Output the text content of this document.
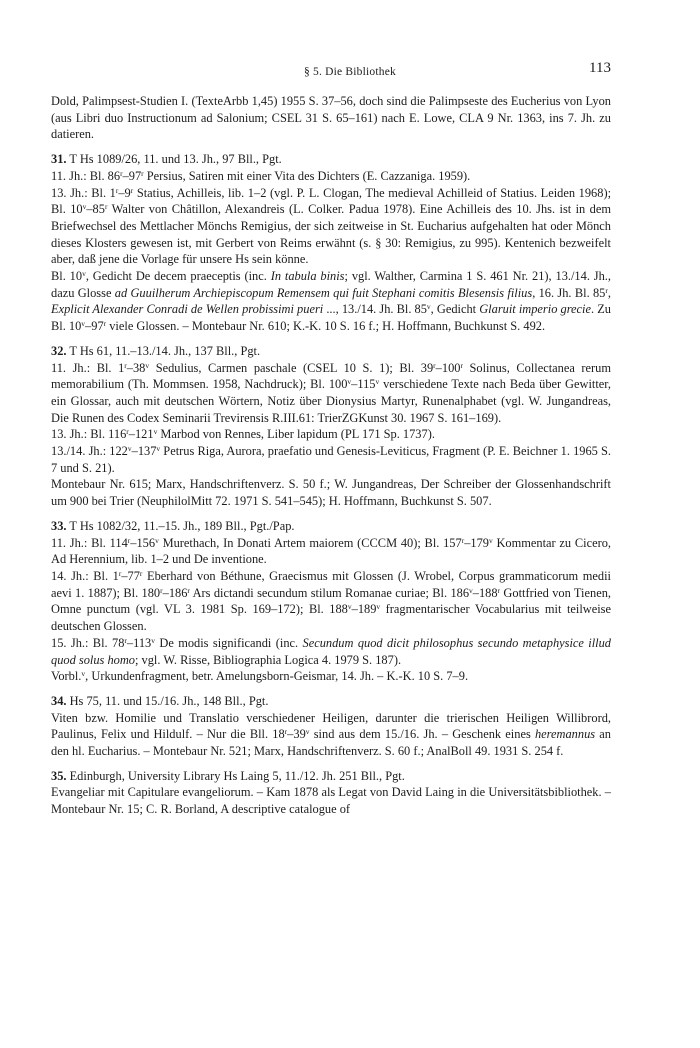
§ 5. Die Bibliothek	113

Dold, Palimpsest-Studien I. (TexteArbb 1,45) 1955 S. 37–56, doch sind die Palimpseste des Eucherius von Lyon (aus Libri duo Instructionum ad Salonium; CSEL 31 S. 65–161) nach E. Lowe, CLA 9 Nr. 1363, ins 7. Jh. zu datieren.

31. T Hs 1089/26, 11. und 13. Jh., 97 Bll., Pgt.

11. Jh.: Bl. 86$^r$–97$^r$ Persius, Satiren mit einer Vita des Dichters (E. Cazzaniga. 1959).

13. Jh.: Bl. 1$^r$–9$^r$ Statius, Achilleis, lib. 1–2 (vgl. P. L. Clogan, The medieval Achilleid of Statius. Leiden 1968); Bl. 10$^v$–85$^r$ Walter von Châtillon, Alexandreis (L. Colker. Padua 1978). Eine Achilleis des 10. Jhs. ist in dem Briefwechsel des Mettlacher Mönchs Remigius, der sich zeitweise in St. Eucharius aufgehalten hat oder Mönch dieses Klosters gewesen ist, mit Gerbert von Reims erwähnt (s. § 30: Remigius, zu 995). Kentenich bezweifelt aber, daß jene die Vorlage für unsere Hs sein könne.

Bl. 10$^v$, Gedicht De decem praeceptis (inc. In tabula binis; vgl. Walther, Carmina 1 S. 461 Nr. 21), 13./14. Jh., dazu Glosse ad Guuilherum Archiepiscopum Remensem qui fuit Stephani comitis Blesensis filius, 16. Jh. Bl. 85$^r$, Explicit Alexander Conradi de Wellen probissimi pueri ..., 13./14. Jh. Bl. 85$^v$, Gedicht Glaruit imperio grecie. Zu Bl. 10$^v$–97$^r$ viele Glossen. – Montebaur Nr. 610; K.-K. 10 S. 16 f.; H. Hoffmann, Buchkunst S. 492.

32. T Hs 61, 11.–13./14. Jh., 137 Bll., Pgt.

11. Jh.: Bl. 1$^r$–38$^v$ Sedulius, Carmen paschale (CSEL 10 S. 1); Bl. 39$^r$–100$^r$ Solinus, Collectanea rerum memorabilium (Th. Mommsen. 1958, Nachdruck); Bl. 100$^v$–115$^v$ verschiedene Texte nach Beda über Gewitter, ein Glossar, auch mit deutschen Wörtern, Notiz über Dionysius Martyr, Runenalphabet (vgl. W. Jungandreas, Die Runen des Codex Seminarii Trevirensis R.III.61: TrierZGKunst 30. 1967 S. 161–169).

13. Jh.: Bl. 116$^r$–121$^v$ Marbod von Rennes, Liber lapidum (PL 171 Sp. 1737).

13./14. Jh.: 122$^v$–137$^v$ Petrus Riga, Aurora, praefatio und Genesis-Leviticus, Fragment (P. E. Beichner 1. 1965 S. 7 und S. 21).

Montebaur Nr. 615; Marx, Handschriftenverz. S. 50 f.; W. Jungandreas, Der Schreiber der Glossenhandschrift um 900 bei Trier (NeuphilolMitt 72. 1971 S. 541–545); H. Hoffmann, Buchkunst S. 507.

33. T Hs 1082/32, 11.–15. Jh., 189 Bll., Pgt./Pap.

11. Jh.: Bl. 114$^r$–156$^v$ Murethach, In Donati Artem maiorem (CCCM 40); Bl. 157$^r$–179$^v$ Kommentar zu Cicero, Ad Herennium, lib. 1–2 und De inventione.

14. Jh.: Bl. 1$^r$–77$^r$ Eberhard von Béthune, Graecismus mit Glossen (J. Wrobel, Corpus grammaticorum medii aevi 1. 1887); Bl. 180$^r$–186$^r$ Ars dictandi secundum stilum Romanae curiae; Bl. 186$^v$–188$^r$ Gottfried von Tienen, Omne punctum (vgl. VL 3. 1981 Sp. 169–172); Bl. 188$^v$–189$^v$ fragmentarischer Vocabularius mit teilweise deutschen Glossen.

15. Jh.: Bl. 78$^r$–113$^v$ De modis significandi (inc. Secundum quod dicit philosophus secundo metaphysice illud quod solus homo; vgl. W. Risse, Bibliographia Logica 4. 1979 S. 187).

Vorbl.$^v$, Urkundenfragment, betr. Amelungsborn-Geismar, 14. Jh. – K.-K. 10 S. 7–9.

34. Hs 75, 11. und 15./16. Jh., 148 Bll., Pgt.

Viten bzw. Homilie und Translatio verschiedener Heiligen, darunter die trierischen Heiligen Willibrord, Paulinus, Felix und Hildulf. – Nur die Bll. 18$^r$–39$^v$ sind aus dem 15./16. Jh. – Geschenk eines heremannus an den hl. Eucharius. – Montebaur Nr. 521; Marx, Handschriftenverz. S. 60 f.; AnalBoll 49. 1931 S. 254 f.

35. Edinburgh, University Library Hs Laing 5, 11./12. Jh. 251 Bll., Pgt.

Evangeliar mit Capitulare evangeliorum. – Kam 1878 als Legat von David Laing in die Universitätsbibliothek. – Montebaur Nr. 15; C. R. Borland, A descriptive catalogue of
